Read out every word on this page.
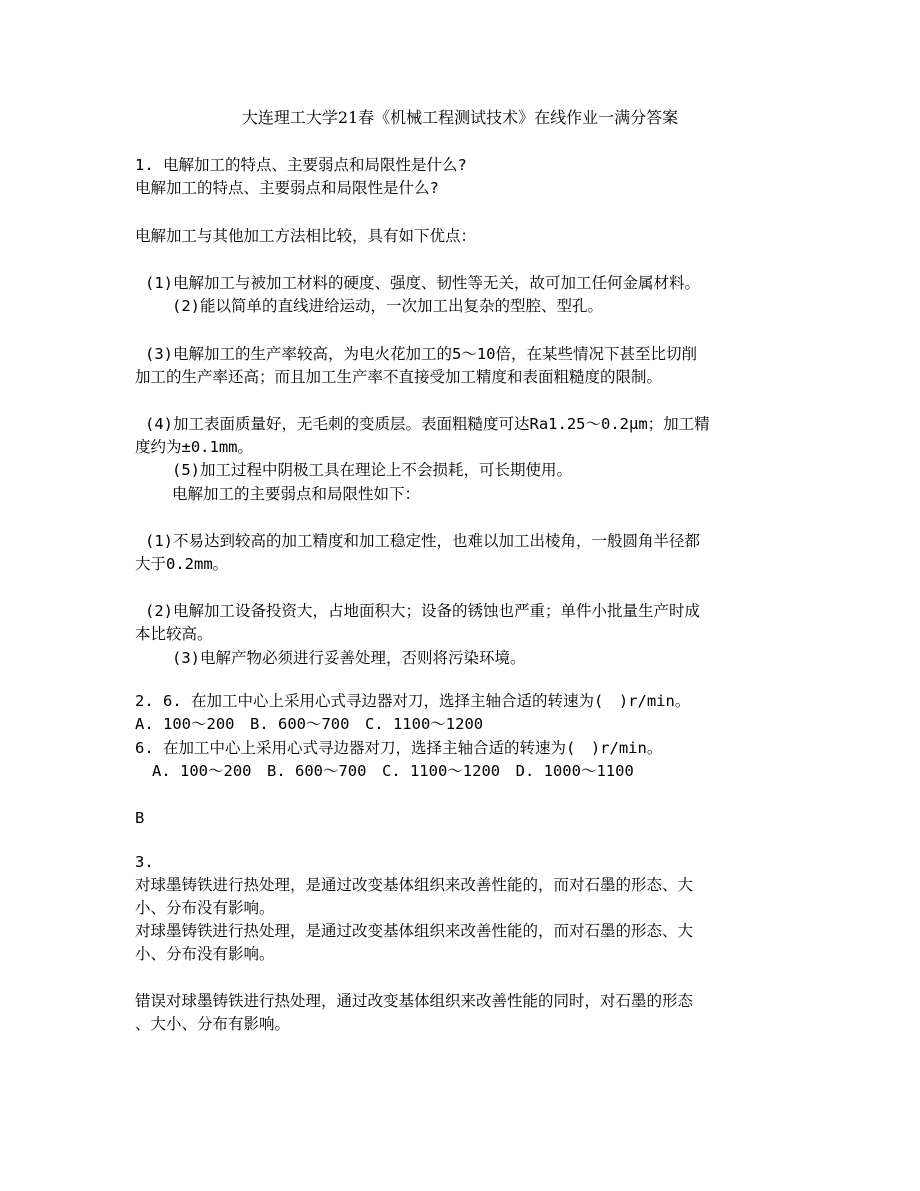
大连理工大学21春《机械工程测试技术》在线作业一满分答案
1. 电解加工的特点、主要弱点和局限性是什么?
电解加工的特点、主要弱点和局限性是什么?
电解加工与其他加工方法相比较，具有如下优点：
(1)电解加工与被加工材料的硬度、强度、韧性等无关，故可加工任何金属材料。
(2)能以简单的直线进给运动，一次加工出复杂的型腔、型孔。
(3)电解加工的生产率较高，为电火花加工的5～10倍，在某些情况下甚至比切削
加工的生产率还高；而且加工生产率不直接受加工精度和表面粗糙度的限制。
(4)加工表面质量好，无毛刺的变质层。表面粗糙度可达Ra1.25～0.2μm；加工精
度约为±0.1mm。
(5)加工过程中阴极工具在理论上不会损耗，可长期使用。
电解加工的主要弱点和局限性如下：
(1)不易达到较高的加工精度和加工稳定性，也难以加工出棱角，一般圆角半径都
大于0.2mm。
(2)电解加工设备投资大，占地面积大；设备的锈蚀也严重；单件小批量生产时成
本比较高。
(3)电解产物必须进行妥善处理，否则将污染环境。
2. 6. 在加工中心上采用心式寻边器对刀，选择主轴合适的转速为(　)r/min。
A. 100～200　B. 600～700　C. 1100～1200
6. 在加工中心上采用心式寻边器对刀，选择主轴合适的转速为(　)r/min。
A. 100～200　B. 600～700　C. 1100～1200　D. 1000～1100
B
3.
对球墨铸铁进行热处理，是通过改变基体组织来改善性能的，而对石墨的形态、大
小、分布没有影响。
对球墨铸铁进行热处理，是通过改变基体组织来改善性能的，而对石墨的形态、大
小、分布没有影响。
错误对球墨铸铁进行热处理，通过改变基体组织来改善性能的同时，对石墨的形态
、大小、分布有影响。
